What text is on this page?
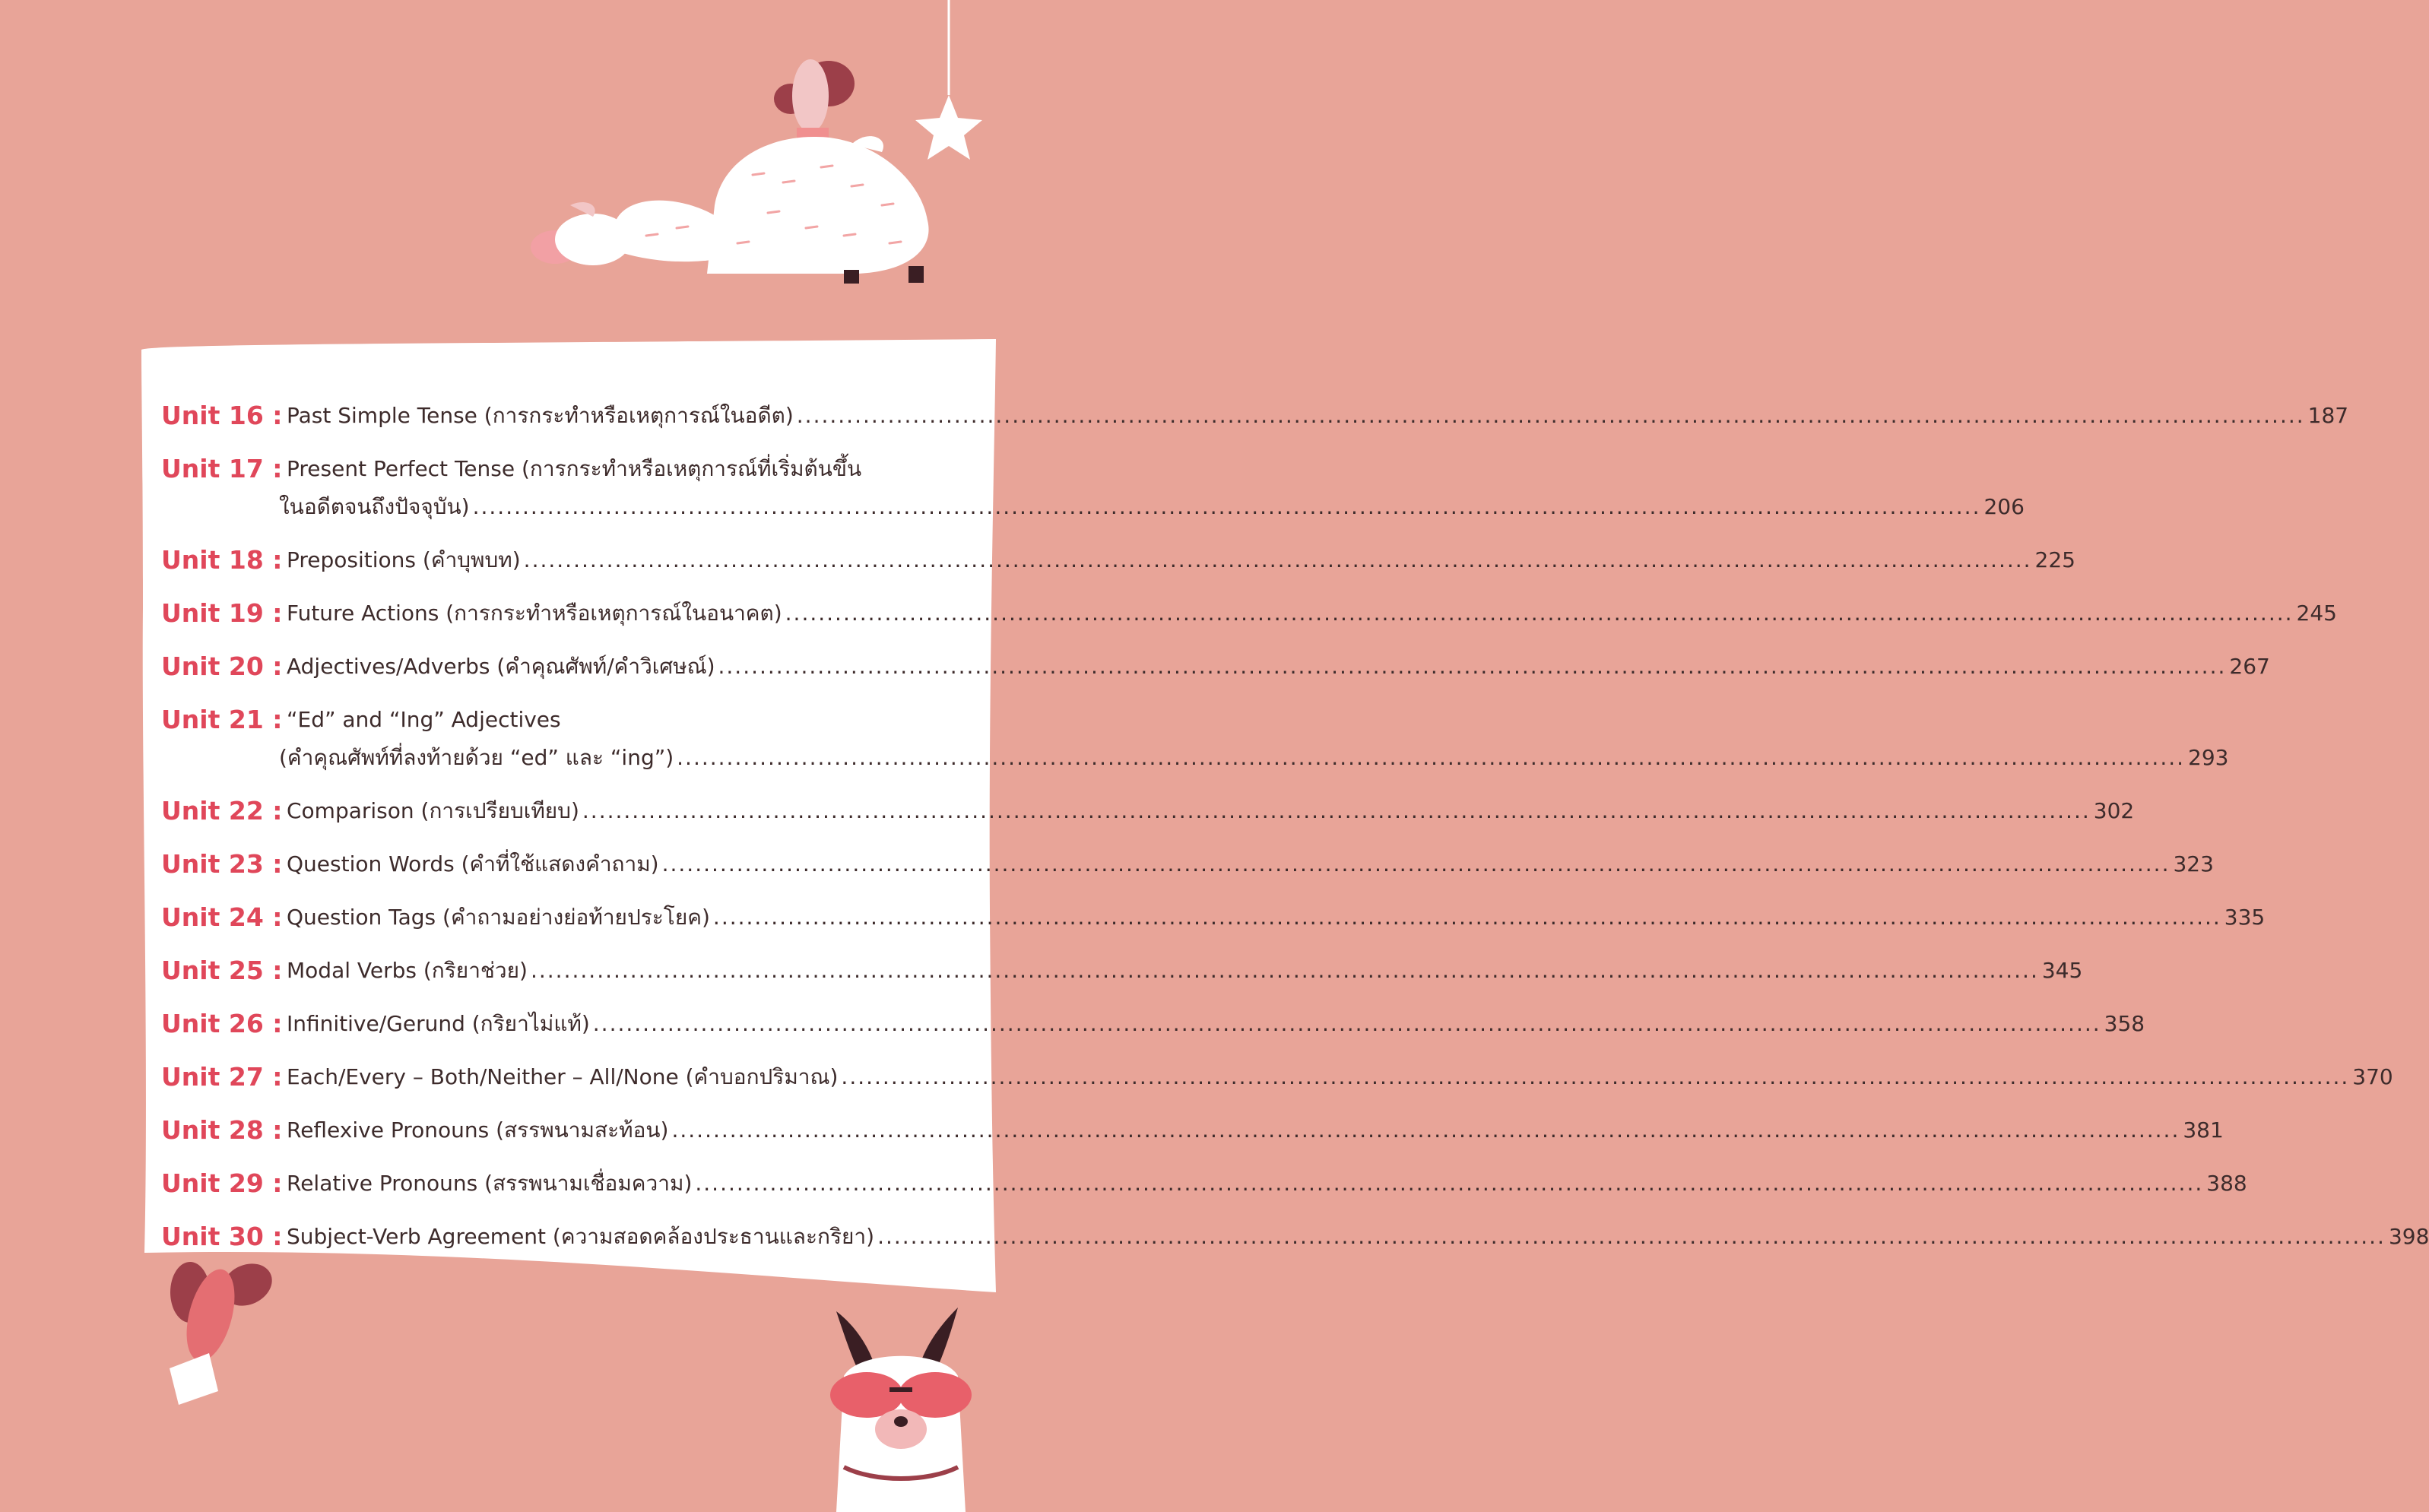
Unit 16 : Past Simple Tense (การกระทำหรือเหตุการณ์ในอดีต) .....	187
Unit 17 : Present Perfect Tense (การกระทำหรือเหตุการณ์ที่เริ่มต้นขึ้น
ในอดีตจนถึงปัจจุบัน) .....	206
Unit 18 : Prepositions (คำบุพบท) .....	225
Unit 19 : Future Actions (การกระทำหรือเหตุการณ์ในอนาคต) .....	245
Unit 20 : Adjectives/Adverbs (คำคุณศัพท์/คำวิเศษณ์) .....	267
Unit 21 : “Ed” and “Ing” Adjectives
(คำคุณศัพท์ที่ลงท้ายด้วย “ed” และ “ing”) .....	293
Unit 22 : Comparison (การเปรียบเทียบ) .....	302
Unit 23 : Question Words (คำที่ใช้แสดงคำถาม) .....	323
Unit 24 : Question Tags (คำถามอย่างย่อท้ายประโยค) .....	335
Unit 25 : Modal Verbs (กริยาช่วย) .....	345
Unit 26 : Infinitive/Gerund (กริยาไม่แท้) .....	358
Unit 27 : Each/Every – Both/Neither – All/None (คำบอกปริมาณ) .....	370
Unit 28 : Reflexive Pronouns (สรรพนามสะท้อน) .....	381
Unit 29 : Relative Pronouns (สรรพนามเชื่อมความ) .....	388
Unit 30 : Subject-Verb Agreement (ความสอดคล้องประธานและกริยา) .....	398
